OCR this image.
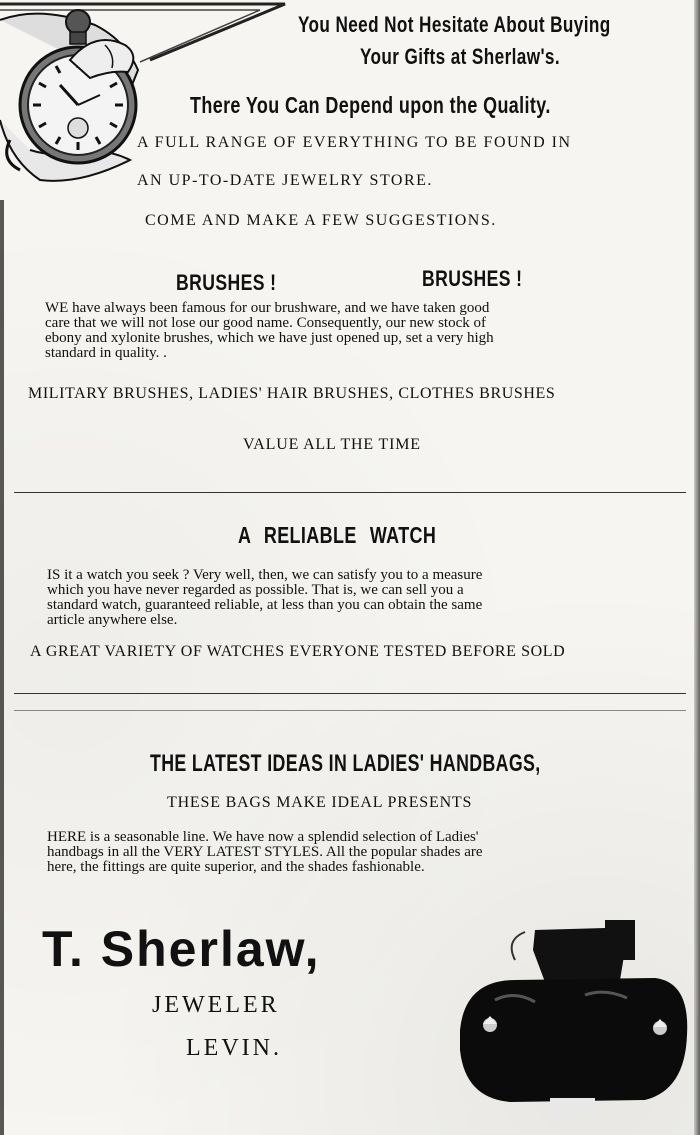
You Need Not Hesitate About Buying
Your Gifts at Sherlaw's.
There You Can Depend upon the Quality.
A FULL RANGE OF EVERYTHING TO BE FOUND IN
AN UP-TO-DATE JEWELRY STORE.
COME AND MAKE A FEW SUGGESTIONS.
BRUSHES !	BRUSHES !
WE have always been famous for our brushware, and we have taken good
care that we will not lose our good name. Consequently, our new stock of
ebony and xylonite brushes, which we have just opened up, set a very high
standard in quality. .
MILITARY BRUSHES, LADIES' HAIR BRUSHES, CLOTHES BRUSHES
VALUE ALL THE TIME
A RELIABLE WATCH
IS it a watch you seek ? Very well, then, we can satisfy you to a measure
which you have never regarded as possible. That is, we can sell you a
standard watch, guaranteed reliable, at less than you can obtain the same
article anywhere else.
A GREAT VARIETY OF WATCHES EVERYONE TESTED BEFORE SOLD
THE LATEST IDEAS IN LADIES' HANDBAGS,
THESE BAGS MAKE IDEAL PRESENTS
HERE is a seasonable line. We have now a splendid selection of Ladies'
handbags in all the VERY LATEST STYLES. All the popular shades are
here, the fittings are quite superior, and the shades fashionable.
T. Sherlaw,
JEWELER
LEVIN.
